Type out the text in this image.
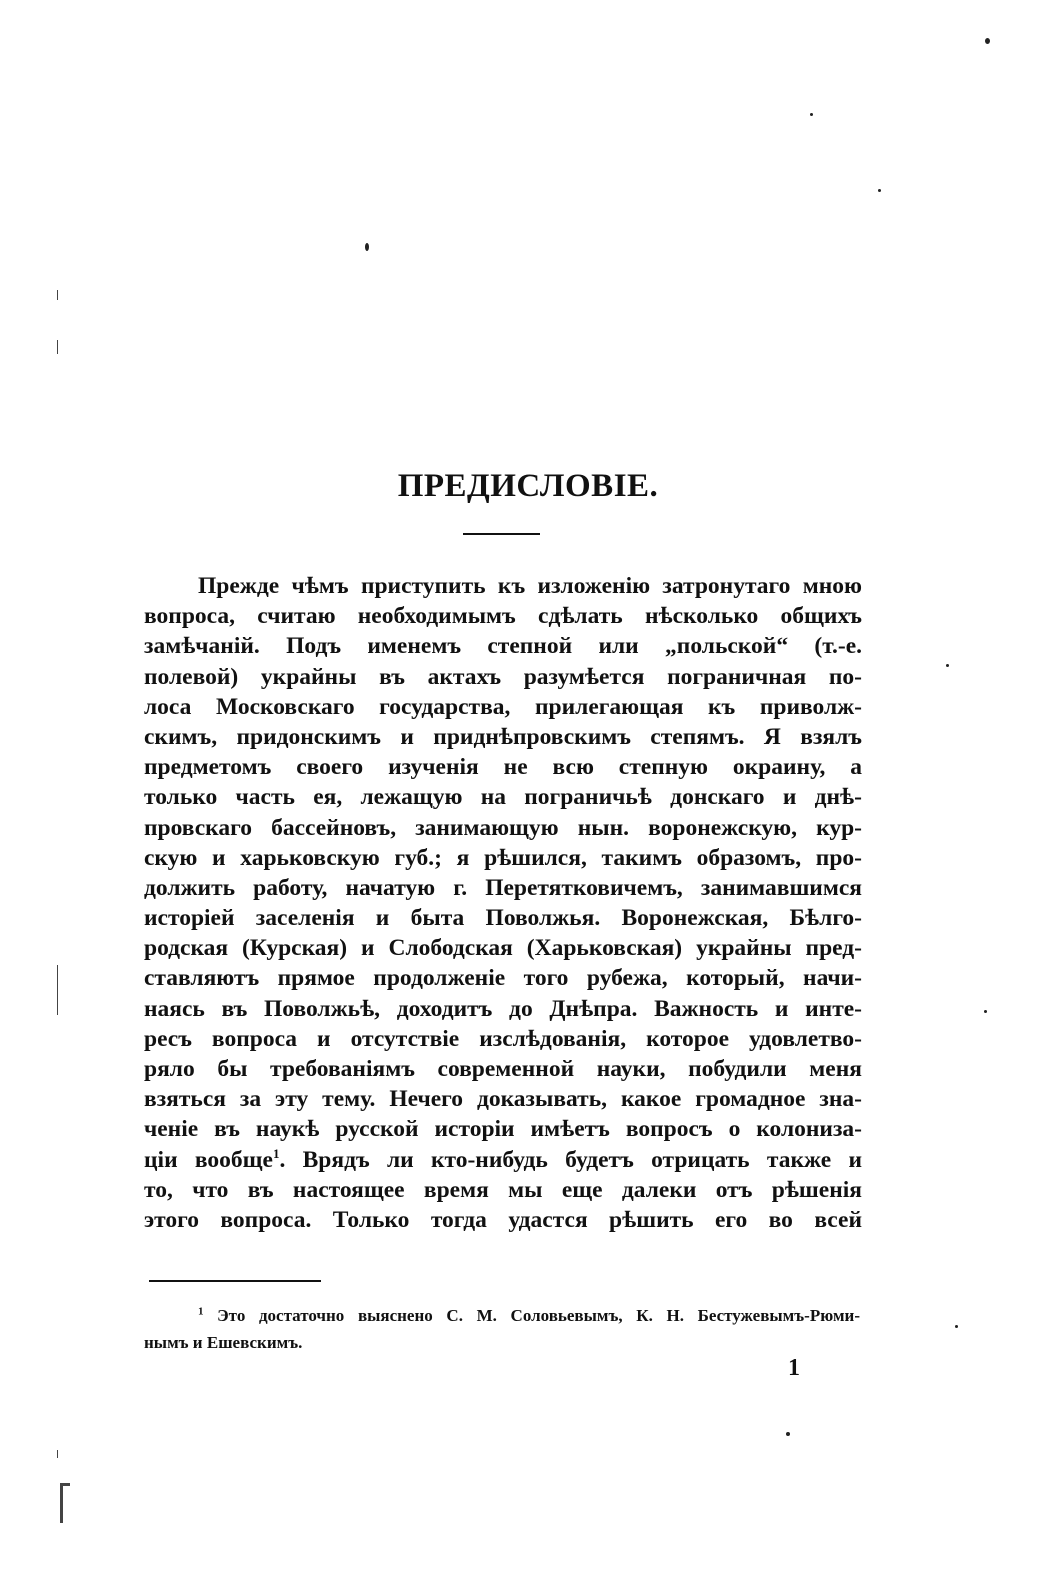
ПРЕДИСЛОВІЕ.
Прежде чѣмъ приступить къ изложенію затронутаго мною
вопроса, считаю необходимымъ сдѣлать нѣсколько общихъ
замѣчаній. Подъ именемъ степной или „польской“ (т.-е.
полевой) украйны въ актахъ разумѣется пограничная по-
лоса Московскаго государства, прилегающая къ приволж-
скимъ, придонскимъ и приднѣпровскимъ степямъ. Я взялъ
предметомъ своего изученія не всю степную окраину, а
только часть ея, лежащую на пограничьѣ донскаго и днѣ-
провскаго бассейновъ, занимающую нын. воронежскую, кур-
скую и харьковскую губ.; я рѣшился, такимъ образомъ, про-
должить работу, начатую г. Перетятковичемъ, занимавшимся
исторіей заселенія и быта Поволжья. Воронежская, Бѣлго-
родская (Курская) и Слободская (Харьковская) украйны пред-
ставляютъ прямое продолженіе того рубежа, который, начи-
наясь въ Поволжьѣ, доходитъ до Днѣпра. Важность и инте-
ресъ вопроса и отсутствіе изслѣдованія, которое удовлетво-
ряло бы требованіямъ современной науки, побудили меня
взяться за эту тему. Нечего доказывать, какое громадное зна-
ченіе въ наукѣ русской исторіи имѣетъ вопросъ о колониза-
ціи вообще$^1$. Врядъ ли кто-нибудь будетъ отрицать также и
то, что въ настоящее время мы еще далеки отъ рѣшенія
этого вопроса. Только тогда удастся рѣшить его во всей
$^1$ Это достаточно выяснено С. М. Соловьевымъ, К. Н. Бестужевымъ-Рюми-
нымъ и Ешевскимъ.
1
